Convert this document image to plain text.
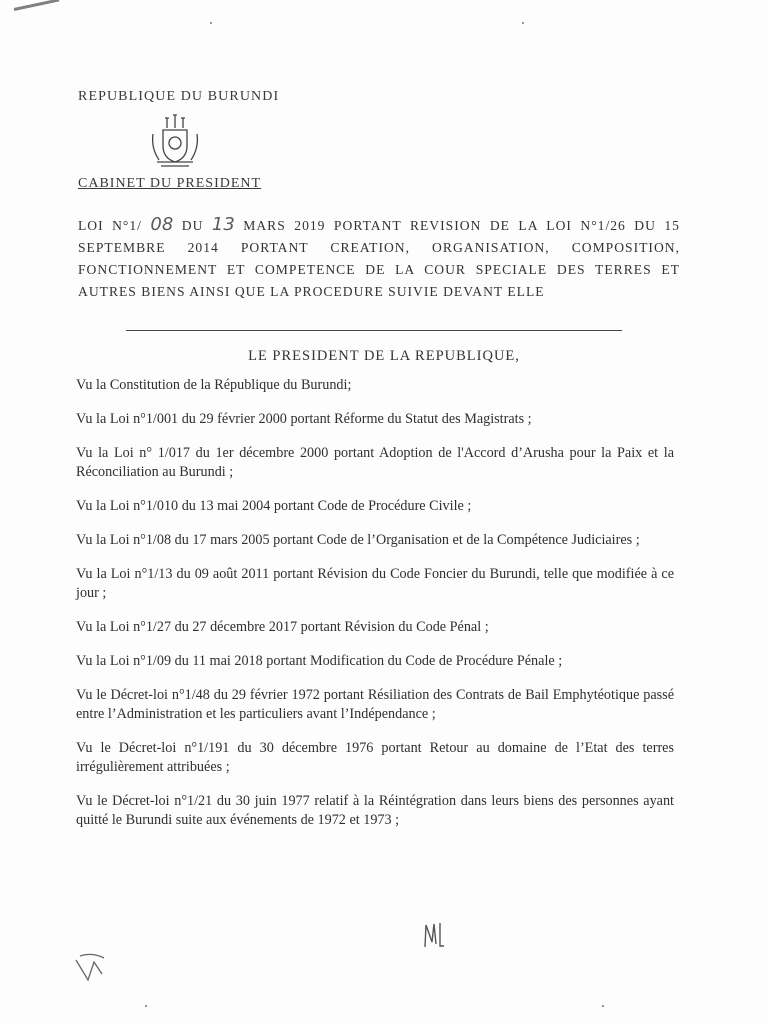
REPUBLIQUE DU BURUNDI
CABINET DU PRESIDENT
LOI N°1/ 08 DU 13 MARS 2019 PORTANT REVISION DE LA LOI N°1/26 DU 15 SEPTEMBRE 2014 PORTANT CREATION, ORGANISATION, COMPOSITION, FONCTIONNEMENT ET COMPETENCE DE LA COUR SPECIALE DES TERRES ET AUTRES BIENS AINSI QUE LA PROCEDURE SUIVIE DEVANT ELLE
LE PRESIDENT DE LA REPUBLIQUE,

Vu la Constitution de la République du Burundi;

Vu la Loi n°1/001 du 29 février 2000 portant Réforme du Statut des Magistrats ;

Vu la Loi n° 1/017 du 1er décembre 2000 portant Adoption de l'Accord d’Arusha pour la Paix et la Réconciliation au Burundi ;

Vu la Loi n°1/010 du 13 mai 2004 portant Code de Procédure Civile ;

Vu la Loi n°1/08 du 17 mars 2005 portant Code de l’Organisation et de la Compétence Judiciaires ;

Vu la Loi n°1/13 du 09 août 2011 portant Révision du Code Foncier du Burundi, telle que modifiée à ce jour ;

Vu la Loi n°1/27 du 27 décembre 2017 portant Révision du Code Pénal ;

Vu la Loi n°1/09 du 11 mai 2018 portant Modification du Code de Procédure Pénale ;

Vu le Décret-loi n°1/48 du 29 février 1972 portant Résiliation des Contrats de Bail Emphytéotique passé entre l’Administration et les particuliers avant l’Indépendance ;

Vu le Décret-loi n°1/191 du 30 décembre 1976 portant Retour au domaine de l’Etat des terres irrégulièrement attribuées ;

Vu le Décret-loi n°1/21 du 30 juin 1977 relatif à la Réintégration dans leurs biens des personnes ayant quitté le Burundi suite aux événements de 1972 et 1973 ;
